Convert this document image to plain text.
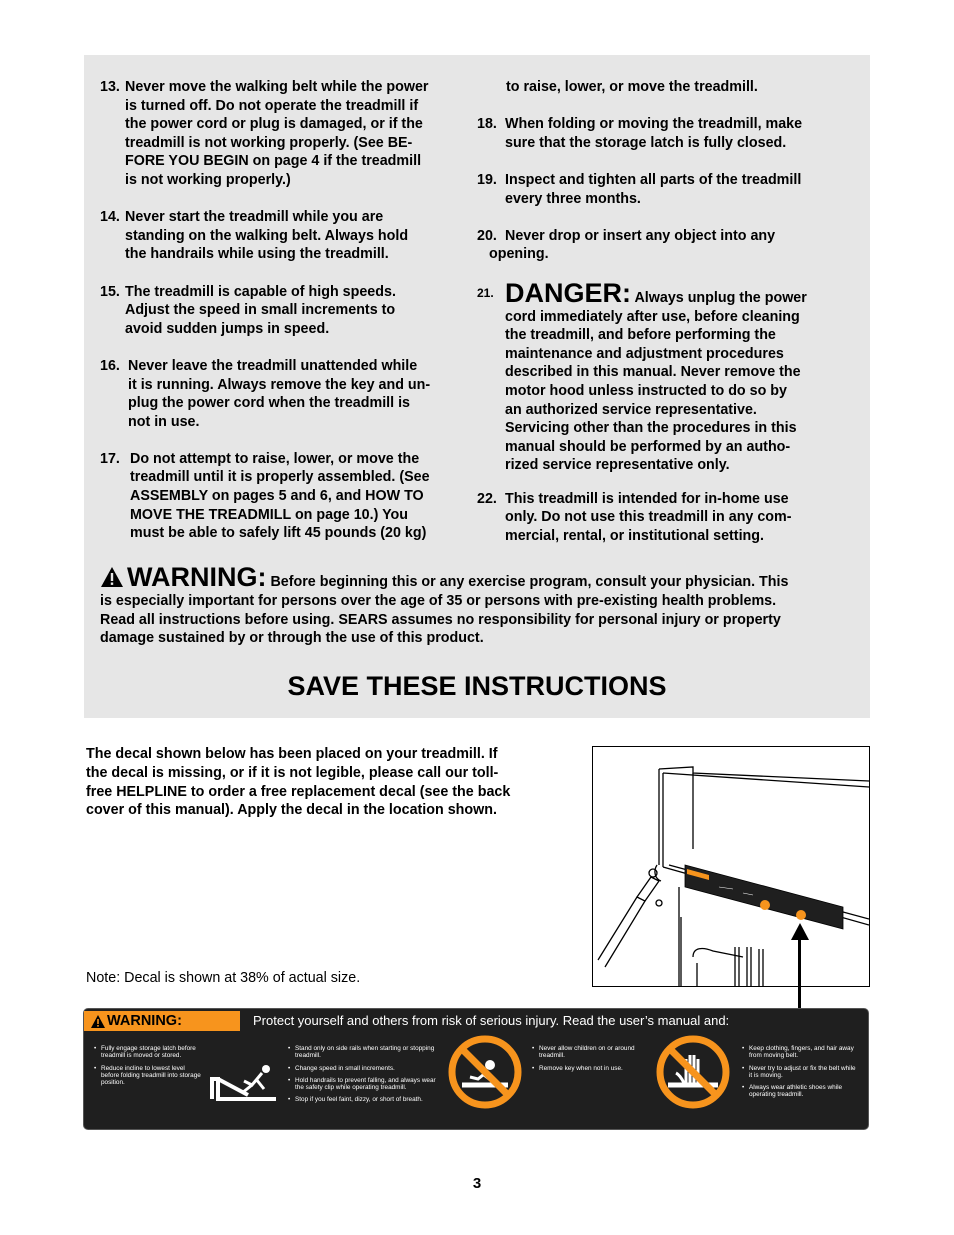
13. Never move the walking belt while the power
is turned off. Do not operate the treadmill if
the power cord or plug is damaged, or if the
treadmill is not working properly. (See BE-
FORE YOU BEGIN on page 4 if the treadmill
is not working properly.)
14. Never start the treadmill while you are
standing on the walking belt. Always hold
the handrails while using the treadmill.
15. The treadmill is capable of high speeds.
Adjust the speed in small increments to
avoid sudden jumps in speed.
16. Never leave the treadmill unattended while
it is running. Always remove the key and un-
plug the power cord when the treadmill is
not in use.
17. Do not attempt to raise, lower, or move the
treadmill until it is properly assembled. (See
ASSEMBLY on pages 5 and 6, and HOW TO
MOVE THE TREADMILL on page 10.) You
must be able to safely lift 45 pounds (20 kg)
to raise, lower, or move the treadmill.
18. When folding or moving the treadmill, make
sure that the storage latch is fully closed.
19. Inspect and tighten all parts of the treadmill
every three months.
20. Never drop or insert any object into any
opening.
21. DANGER: Always unplug the power
cord immediately after use, before cleaning
the treadmill, and before performing the
maintenance and adjustment procedures
described in this manual. Never remove the
motor hood unless instructed to do so by
an authorized service representative.
Servicing other than the procedures in this
manual should be performed by an autho-
rized service representative only.
22. This treadmill is intended for in-home use
only. Do not use this treadmill in any com-
mercial, rental, or institutional setting.
WARNING: Before beginning this or any exercise program, consult your physician. This
is especially important for persons over the age of 35 or persons with pre-existing health problems.
Read all instructions before using. SEARS assumes no responsibility for personal injury or property
damage sustained by or through the use of this product.
SAVE THESE INSTRUCTIONS
The decal shown below has been placed on your treadmill. If
the decal is missing, or if it is not legible, please call our toll-
free HELPLINE to order a free replacement decal (see the back
cover of this manual). Apply the decal in the location shown.
Note: Decal is shown at 38% of actual size.
WARNING:	Protect yourself and others from risk of serious injury. Read the user’s manual and:
• Fully engage storage latch before treadmill is moved or stored.
• Reduce incline to lowest level before folding treadmill into storage position.
• Stand only on side rails when starting or stopping treadmill.
• Change speed in small increments.
• Hold handrails to prevent falling, and always wear the safety clip while operating treadmill.
• Stop if you feel faint, dizzy, or short of breath.
• Never allow children on or around treadmill.
• Remove key when not in use.
• Keep clothing, fingers, and hair away from moving belt.
• Never try to adjust or fix the belt while it is moving.
• Always wear athletic shoes while operating treadmill.
3
